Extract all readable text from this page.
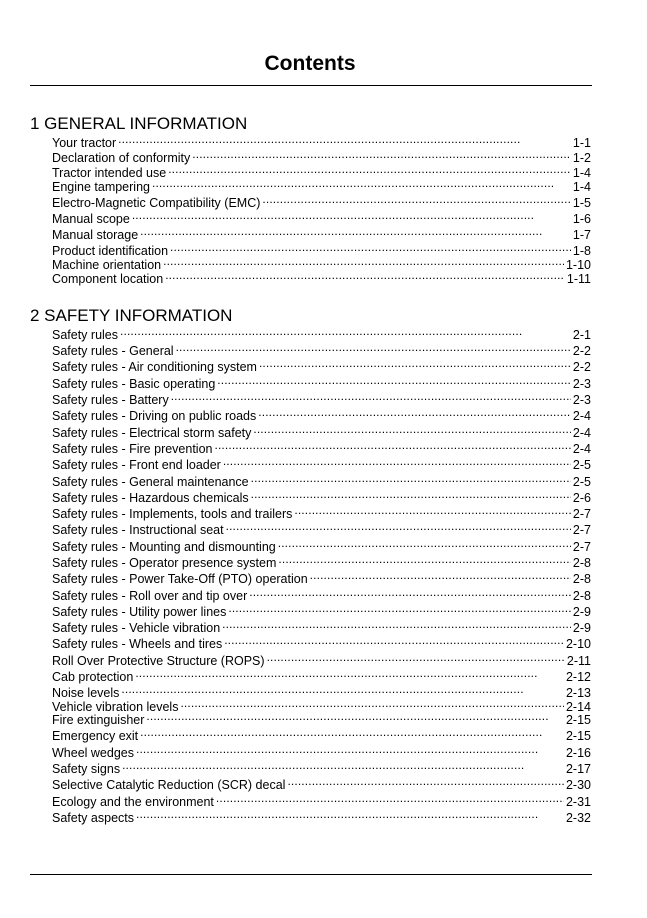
Contents
1 GENERAL INFORMATION
Your tractor . . .	1-1
Declaration of conformity . . .	1-2
Tractor intended use . . .	1-4
Engine tampering . . .	1-4
Electro-Magnetic Compatibility (EMC) . . .	1-5
Manual scope . . .	1-6
Manual storage . . .	1-7
Product identification . . .	1-8
Machine orientation . . .	1-10
Component location . . .	1-11
2 SAFETY INFORMATION
Safety rules . . .	2-1
Safety rules - General . . .	2-2
Safety rules - Air conditioning system . . .	2-2
Safety rules - Basic operating . . .	2-3
Safety rules - Battery . . .	2-3
Safety rules - Driving on public roads . . .	2-4
Safety rules - Electrical storm safety . . .	2-4
Safety rules - Fire prevention . . .	2-4
Safety rules - Front end loader . . .	2-5
Safety rules - General maintenance . . .	2-5
Safety rules - Hazardous chemicals . . .	2-6
Safety rules - Implements, tools and trailers . . .	2-7
Safety rules - Instructional seat . . .	2-7
Safety rules - Mounting and dismounting . . .	2-7
Safety rules - Operator presence system . . .	2-8
Safety rules - Power Take-Off (PTO) operation . . .	2-8
Safety rules - Roll over and tip over . . .	2-8
Safety rules - Utility power lines . . .	2-9
Safety rules - Vehicle vibration . . .	2-9
Safety rules - Wheels and tires . . .	2-10
Roll Over Protective Structure (ROPS) . . .	2-11
Cab protection . . .	2-12
Noise levels . . .	2-13
Vehicle vibration levels . . .	2-14
Fire extinguisher . . .	2-15
Emergency exit . . .	2-15
Wheel wedges . . .	2-16
Safety signs . . .	2-17
Selective Catalytic Reduction (SCR) decal . . .	2-30
Ecology and the environment . . .	2-31
Safety aspects . . .	2-32
